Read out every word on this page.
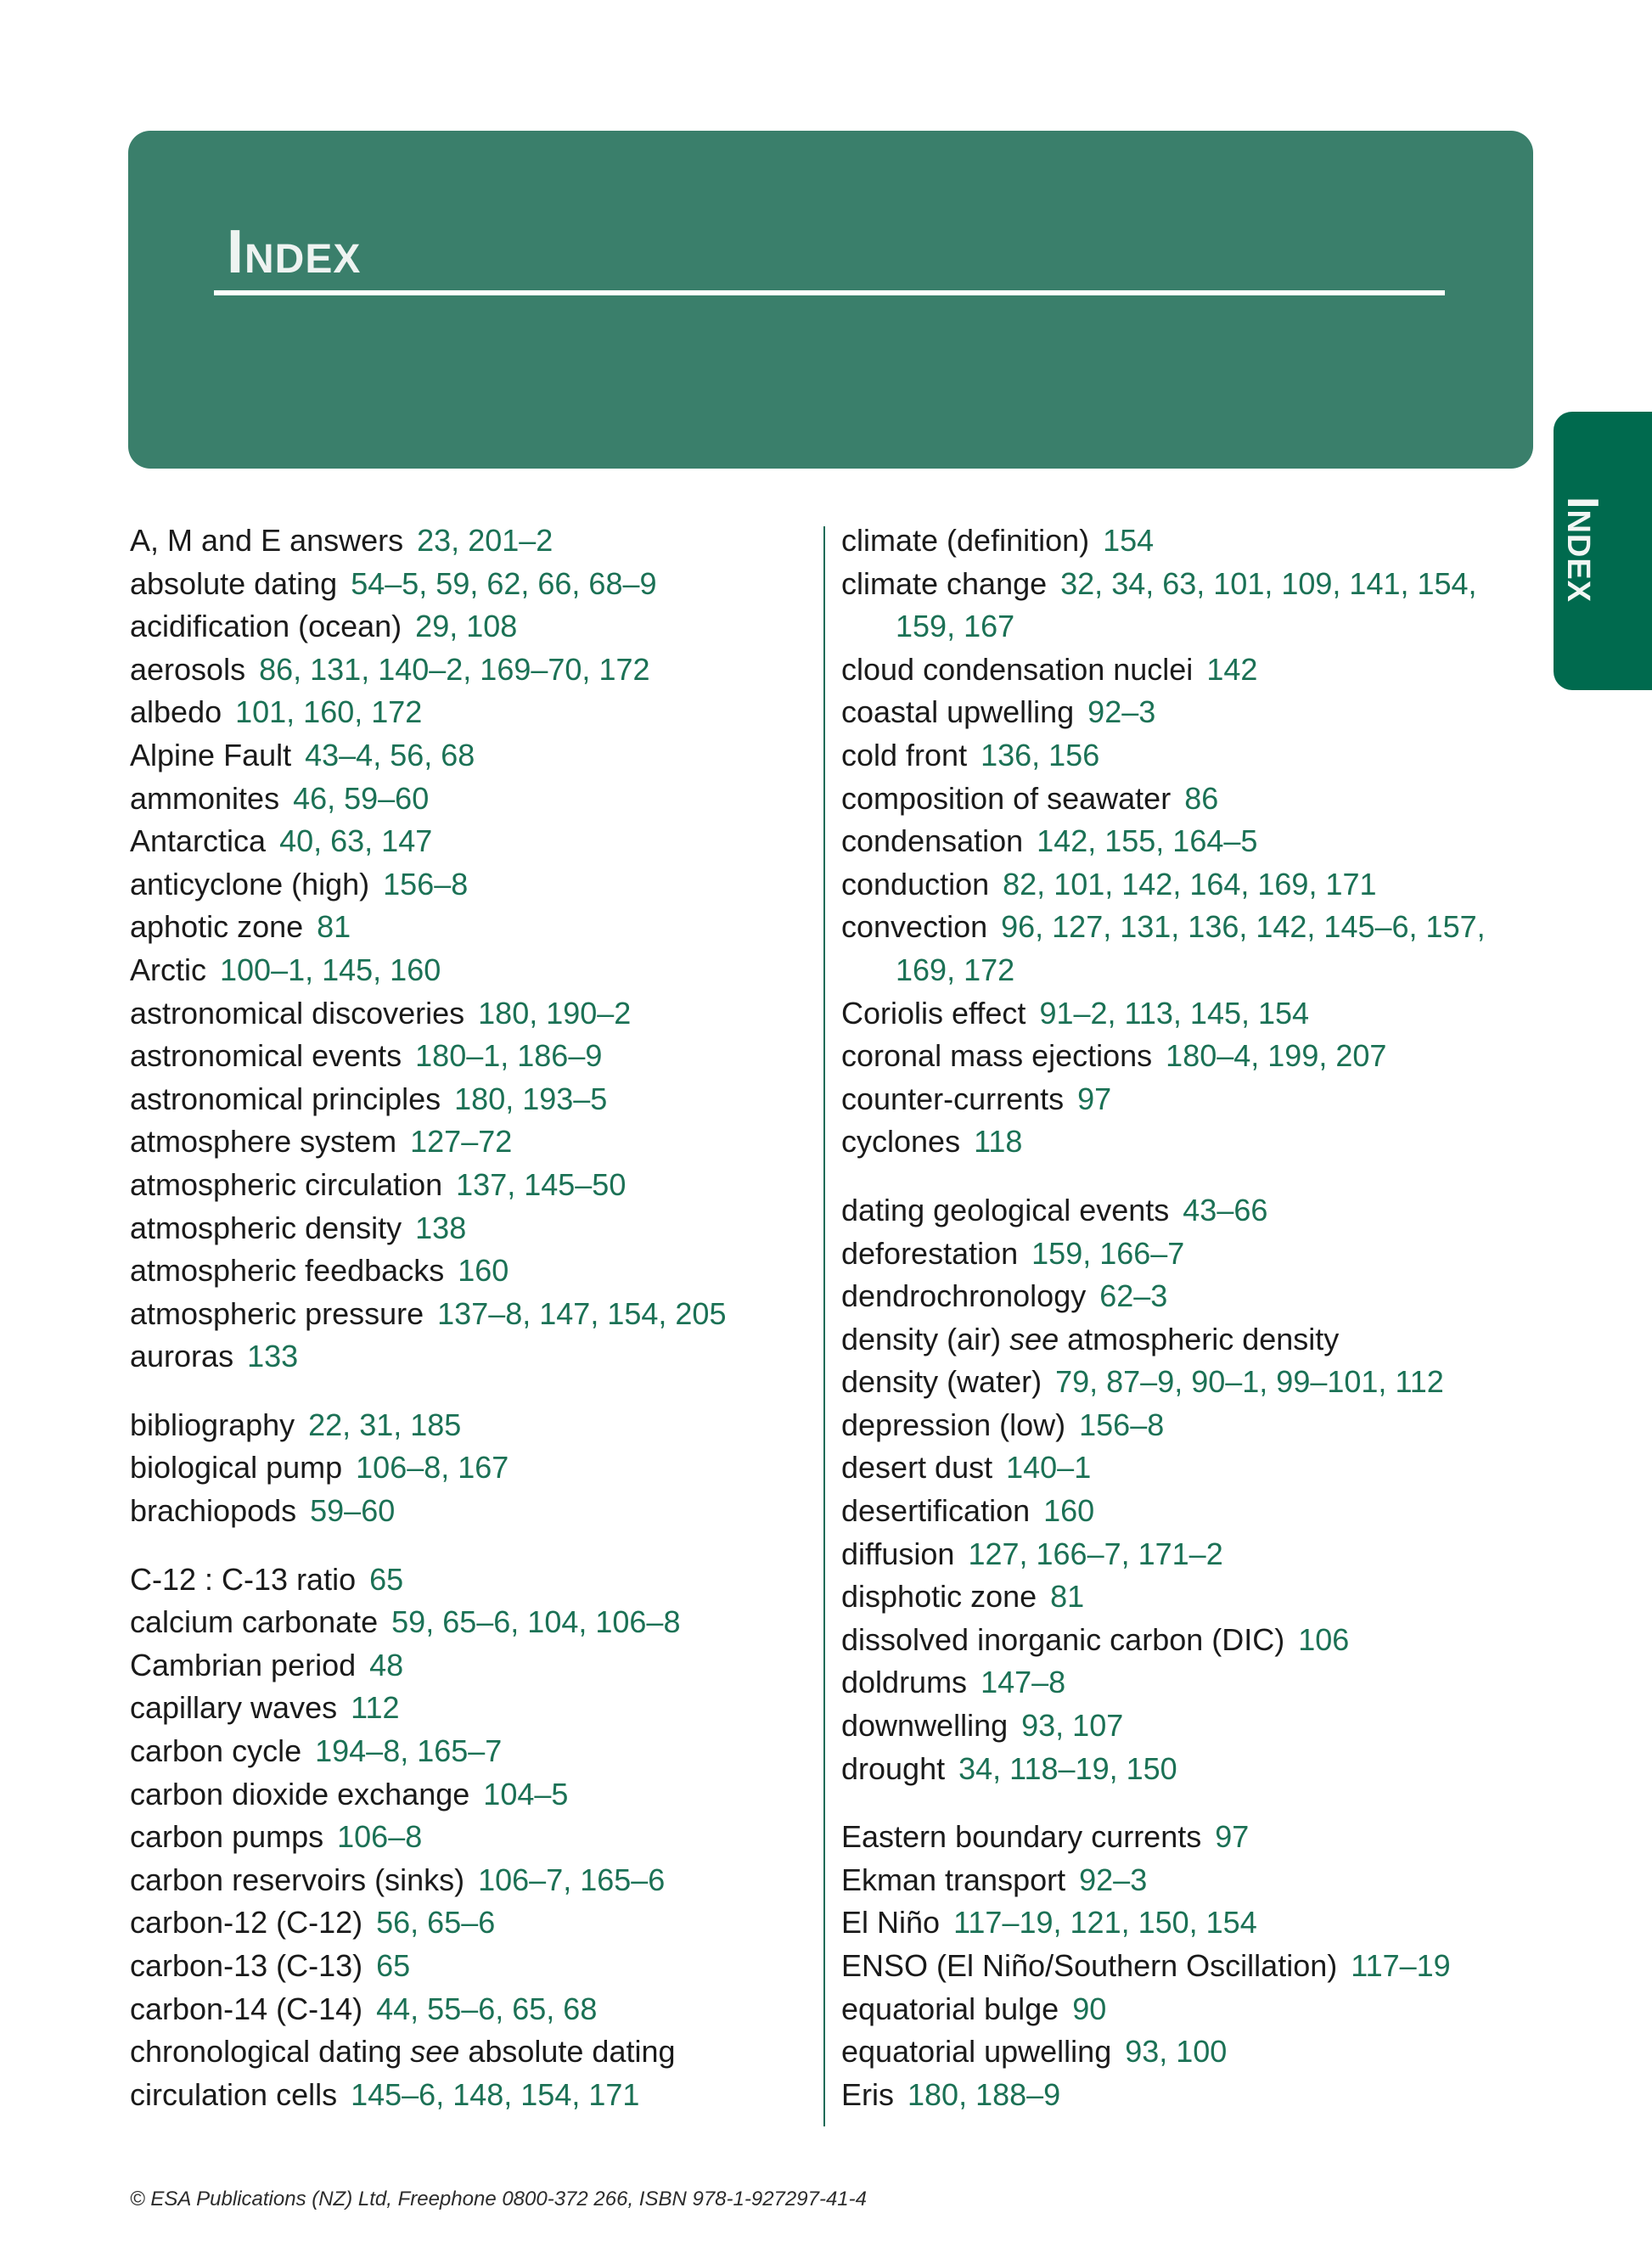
INDEX
INDEX
A, M and E answers 23, 201–2
absolute dating 54–5, 59, 62, 66, 68–9
acidification (ocean) 29, 108
aerosols 86, 131, 140–2, 169–70, 172
albedo 101, 160, 172
Alpine Fault 43–4, 56, 68
ammonites 46, 59–60
Antarctica 40, 63, 147
anticyclone (high) 156–8
aphotic zone 81
Arctic 100–1, 145, 160
astronomical discoveries 180, 190–2
astronomical events 180–1, 186–9
astronomical principles 180, 193–5
atmosphere system 127–72
atmospheric circulation 137, 145–50
atmospheric density 138
atmospheric feedbacks 160
atmospheric pressure 137–8, 147, 154, 205
auroras 133
bibliography 22, 31, 185
biological pump 106–8, 167
brachiopods 59–60
C-12 : C-13 ratio 65
calcium carbonate 59, 65–6, 104, 106–8
Cambrian period 48
capillary waves 112
carbon cycle 194–8, 165–7
carbon dioxide exchange 104–5
carbon pumps 106–8
carbon reservoirs (sinks) 106–7, 165–6
carbon-12 (C-12) 56, 65–6
carbon-13 (C-13) 65
carbon-14 (C-14) 44, 55–6, 65, 68
chronological dating see absolute dating
circulation cells 145–6, 148, 154, 171
climate (definition) 154
climate change 32, 34, 63, 101, 109, 141, 154, 159, 167
cloud condensation nuclei 142
coastal upwelling 92–3
cold front 136, 156
composition of seawater 86
condensation 142, 155, 164–5
conduction 82, 101, 142, 164, 169, 171
convection 96, 127, 131, 136, 142, 145–6, 157, 169, 172
Coriolis effect 91–2, 113, 145, 154
coronal mass ejections 180–4, 199, 207
counter-currents 97
cyclones 118
dating geological events 43–66
deforestation 159, 166–7
dendrochronology 62–3
density (air) see atmospheric density
density (water) 79, 87–9, 90–1, 99–101, 112
depression (low) 156–8
desert dust 140–1
desertification 160
diffusion 127, 166–7, 171–2
disphotic zone 81
dissolved inorganic carbon (DIC) 106
doldrums 147–8
downwelling 93, 107
drought 34, 118–19, 150
Eastern boundary currents 97
Ekman transport 92–3
El Niño 117–19, 121, 150, 154
ENSO (El Niño/Southern Oscillation) 117–19
equatorial bulge 90
equatorial upwelling 93, 100
Eris 180, 188–9
© ESA Publications (NZ) Ltd, Freephone 0800-372 266, ISBN 978-1-927297-41-4
